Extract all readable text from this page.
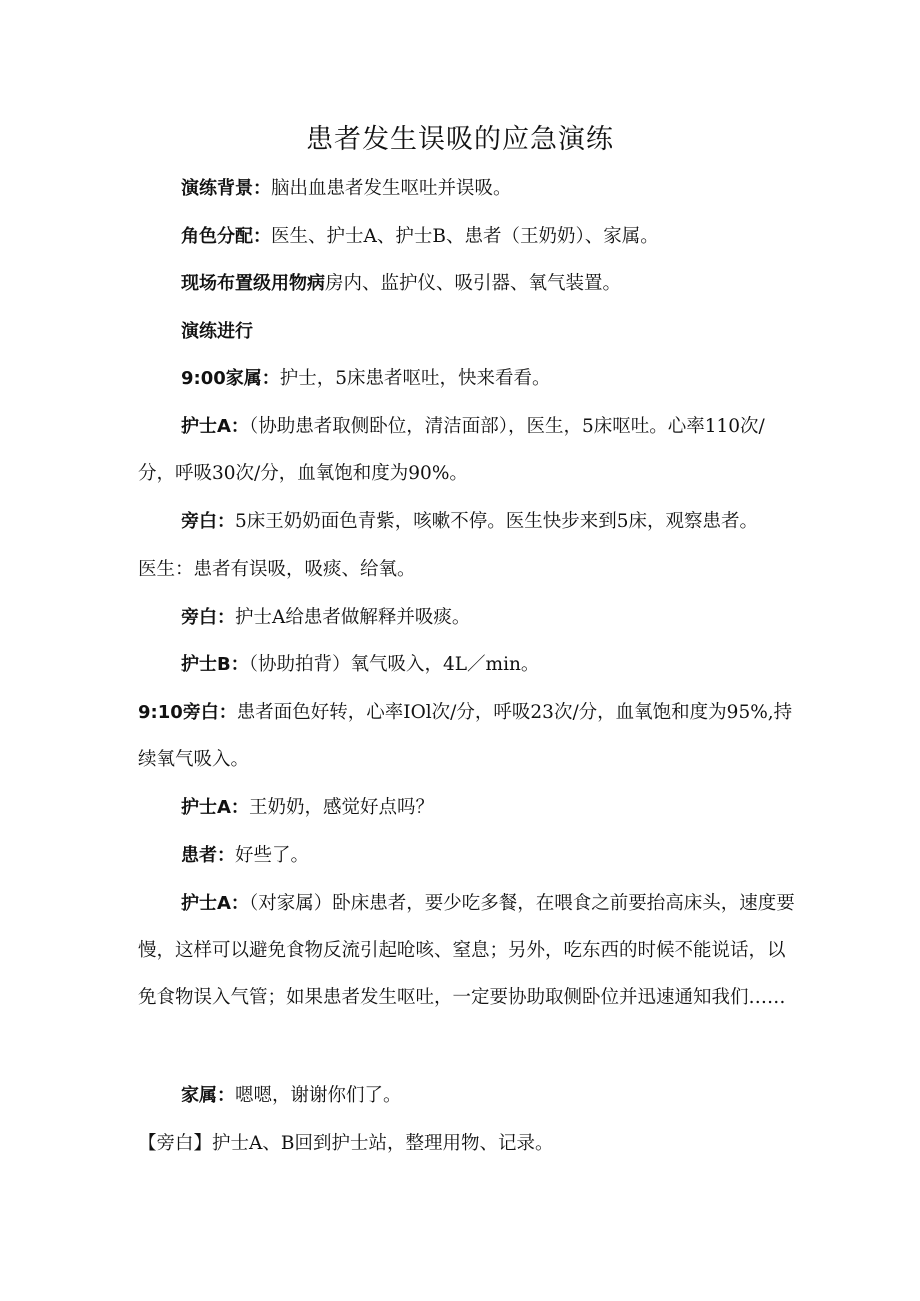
患者发生误吸的应急演练

演练背景：脑出血患者发生呕吐并误吸。

角色分配：医生、护士A、护士B、患者（王奶奶）、家属。

现场布置级用物病房内、监护仪、吸引器、氧气装置。

演练进行

9:00家属：护士，5床患者呕吐，快来看看。

护士A：（协助患者取侧卧位，清洁面部），医生，5床呕吐。心率110次/分，呼吸30次/分，血氧饱和度为90%。

旁白：5床王奶奶面色青紫，咳嗽不停。医生快步来到5床，观察患者。

医生：患者有误吸，吸痰、给氧。

旁白：护士A给患者做解释并吸痰。

护士B：（协助拍背）氧气吸入，4L／min。

9:10旁白：患者面色好转，心率IOl次/分，呼吸23次/分，血氧饱和度为95%,持续氧气吸入。

护士A：王奶奶，感觉好点吗？

患者：好些了。

护士A：（对家属）卧床患者，要少吃多餐，在喂食之前要抬高床头，速度要慢，这样可以避免食物反流引起呛咳、窒息；另外，吃东西的时候不能说话，以免食物误入气管；如果患者发生呕吐，一定要协助取侧卧位并迅速通知我们……

家属：嗯嗯，谢谢你们了。

【旁白】护士A、B回到护士站，整理用物、记录。
